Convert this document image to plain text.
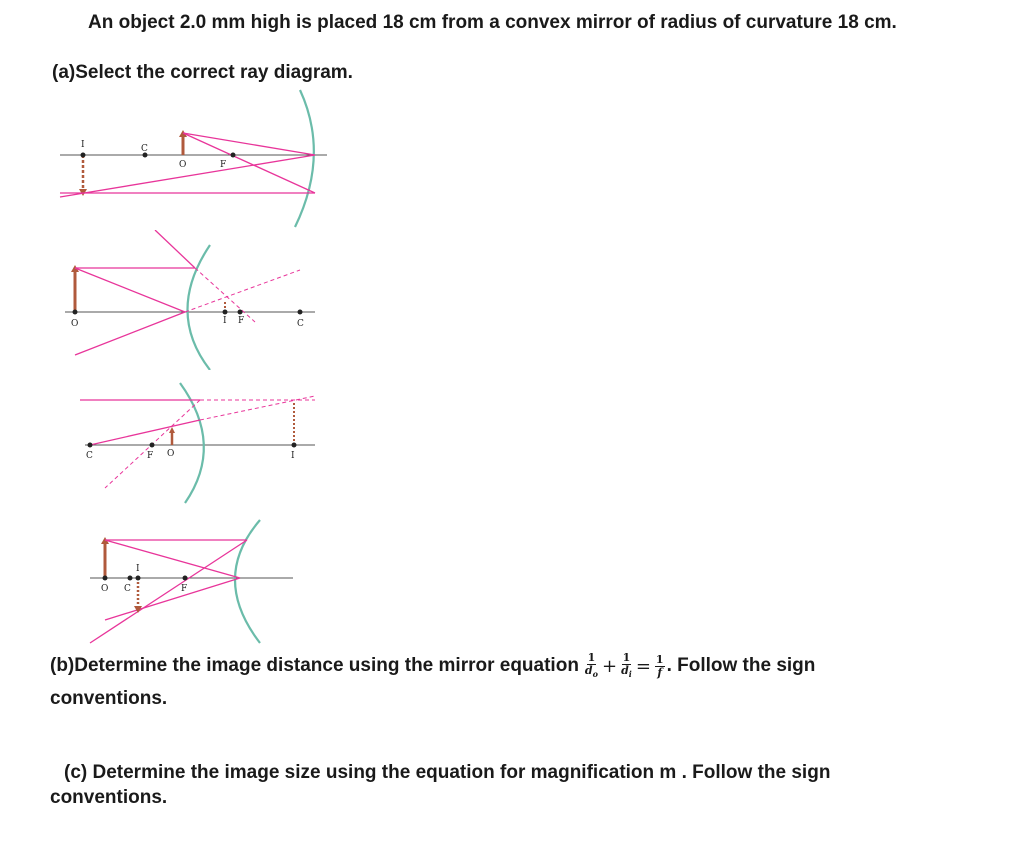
An object 2.0 mm high is placed 18 cm from a convex mirror of radius of curvature 18 cm.
(a)Select the correct ray diagram.
I	C
O	F
O	I F	C
C	F O	I
O C
I
F
(b)Determine the image distance using the mirror equation $\frac{1}{d_o} + \frac{1}{d_i} = \frac{1}{f}$ . Follow the sign
conventions.
(c) Determine the image size using the equation for magnification m . Follow the sign
conventions.
